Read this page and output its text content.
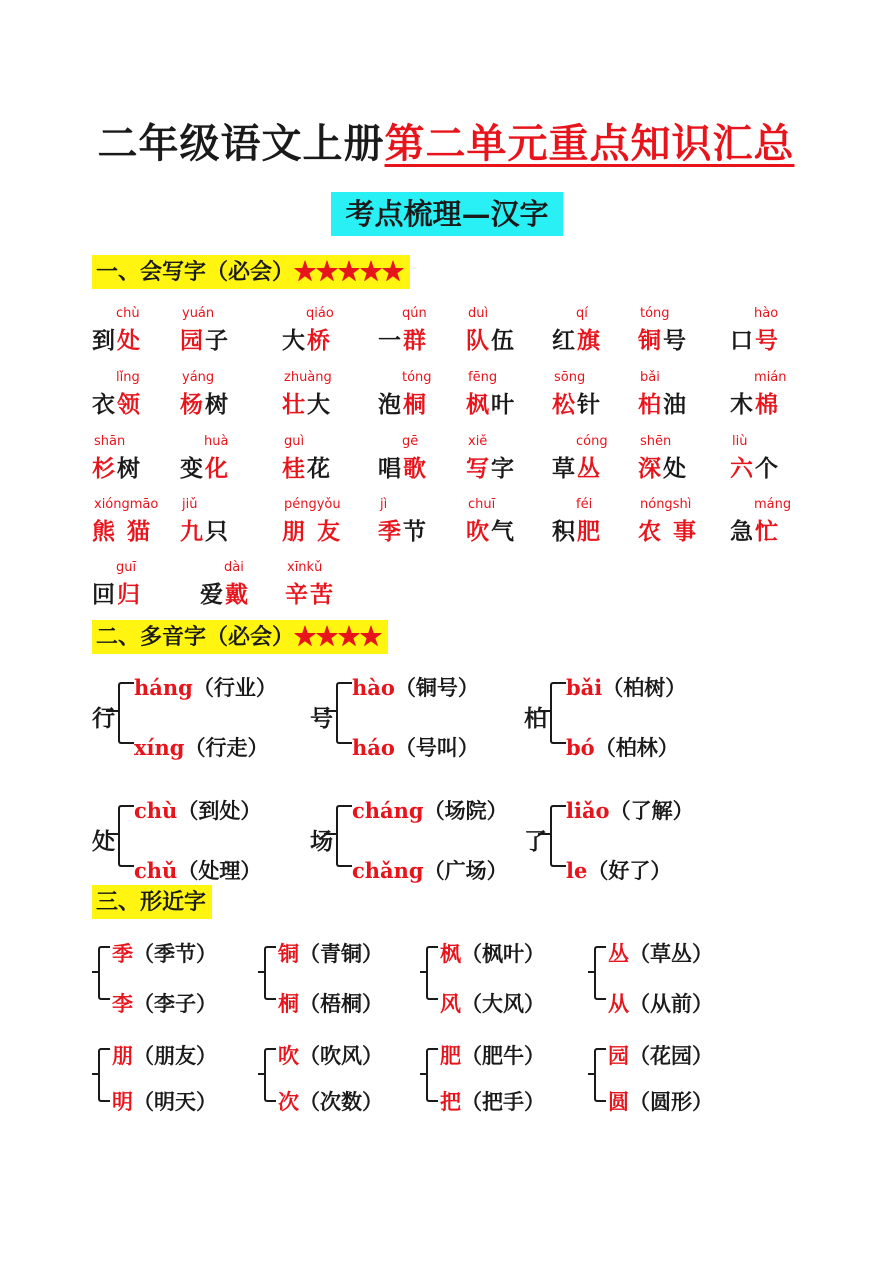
二年级语文上册第二单元重点知识汇总
考点梳理—汉字
一、会写字（必会）★★★★★
chù
到处
yuán
园子
qiáo
大桥
qún
一群
duì
队伍
qí
红旗
tóng
铜号
hào
口号
lǐng
衣领
yáng
杨树
zhuàng
壮大
tóng
泡桐
fēng
枫叶
sōng
松针
bǎi
柏油
mián
木棉
shān
杉树
huà
变化
guì
桂花
gē
唱歌
xiě
写字
cóng
草丛
shēn
深处
liù
六个
xióngmāo
熊 猫
jiǔ
九只
péngyǒu
朋 友
jì
季节
chuī
吹气
féi
积肥
nóngshì
农 事
máng
急忙
guī
回归
dài
爱戴
xīnkǔ
辛苦
二、多音字（必会）★★★★
行
háng（行业）
xíng（行走）
号
hào（铜号）
háo（号叫）
柏
bǎi（柏树）
bó（柏林）
处
chù（到处）
chǔ（处理）
场
cháng（场院）
chǎng（广场）
了
liǎo（了解）
le（好了）
三、形近字
季（季节）
李（李子）
铜（青铜）
桐（梧桐）
枫（枫叶）
风（大风）
丛（草丛）
从（从前）
朋（朋友）
明（明天）
吹（吹风）
次（次数）
肥（肥牛）
把（把手）
园（花园）
圆（圆形）
